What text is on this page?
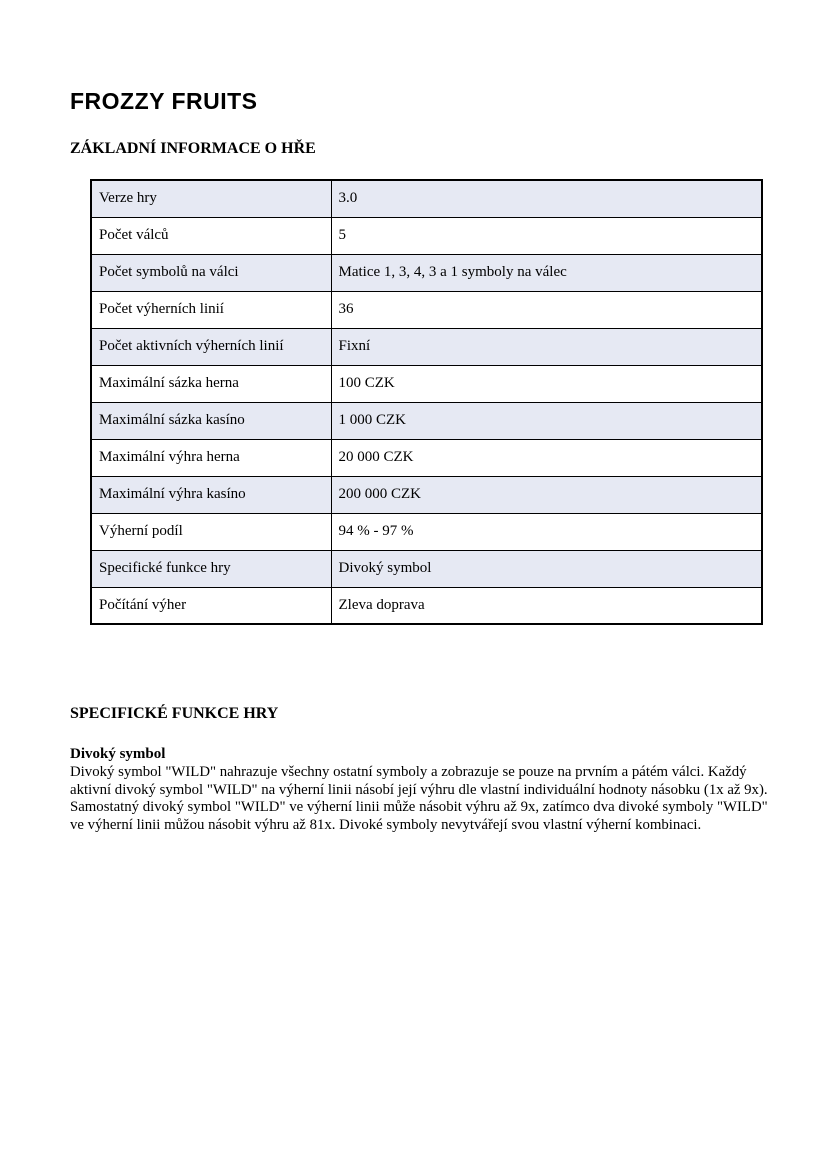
FROZZY FRUITS
ZÁKLADNÍ INFORMACE O HŘE
Verze hry	3.0
Počet válců	5
Počet symbolů na válci	Matice 1, 3, 4, 3 a 1 symboly na válec
Počet výherních linií	36
Počet aktivních výherních linií	Fixní
Maximální sázka herna	100 CZK
Maximální sázka kasíno	1 000 CZK
Maximální výhra herna	20 000 CZK
Maximální výhra kasíno	200 000 CZK
Výherní podíl	94 % - 97 %
Specifické funkce hry	Divoký symbol
Počítání výher	Zleva doprava
SPECIFICKÉ FUNKCE HRY
Divoký symbol

Divoký symbol "WILD" nahrazuje všechny ostatní symboly a zobrazuje se pouze na prvním a pátém válci. Každý aktivní divoký symbol "WILD" na výherní linii násobí její výhru dle vlastní individuální hodnoty násobku (1x až 9x). Samostatný divoký symbol "WILD" ve výherní linii může násobit výhru až 9x, zatímco dva divoké symboly "WILD" ve výherní linii můžou násobit výhru až 81x. Divoké symboly nevytvářejí svou vlastní výherní kombinaci.
